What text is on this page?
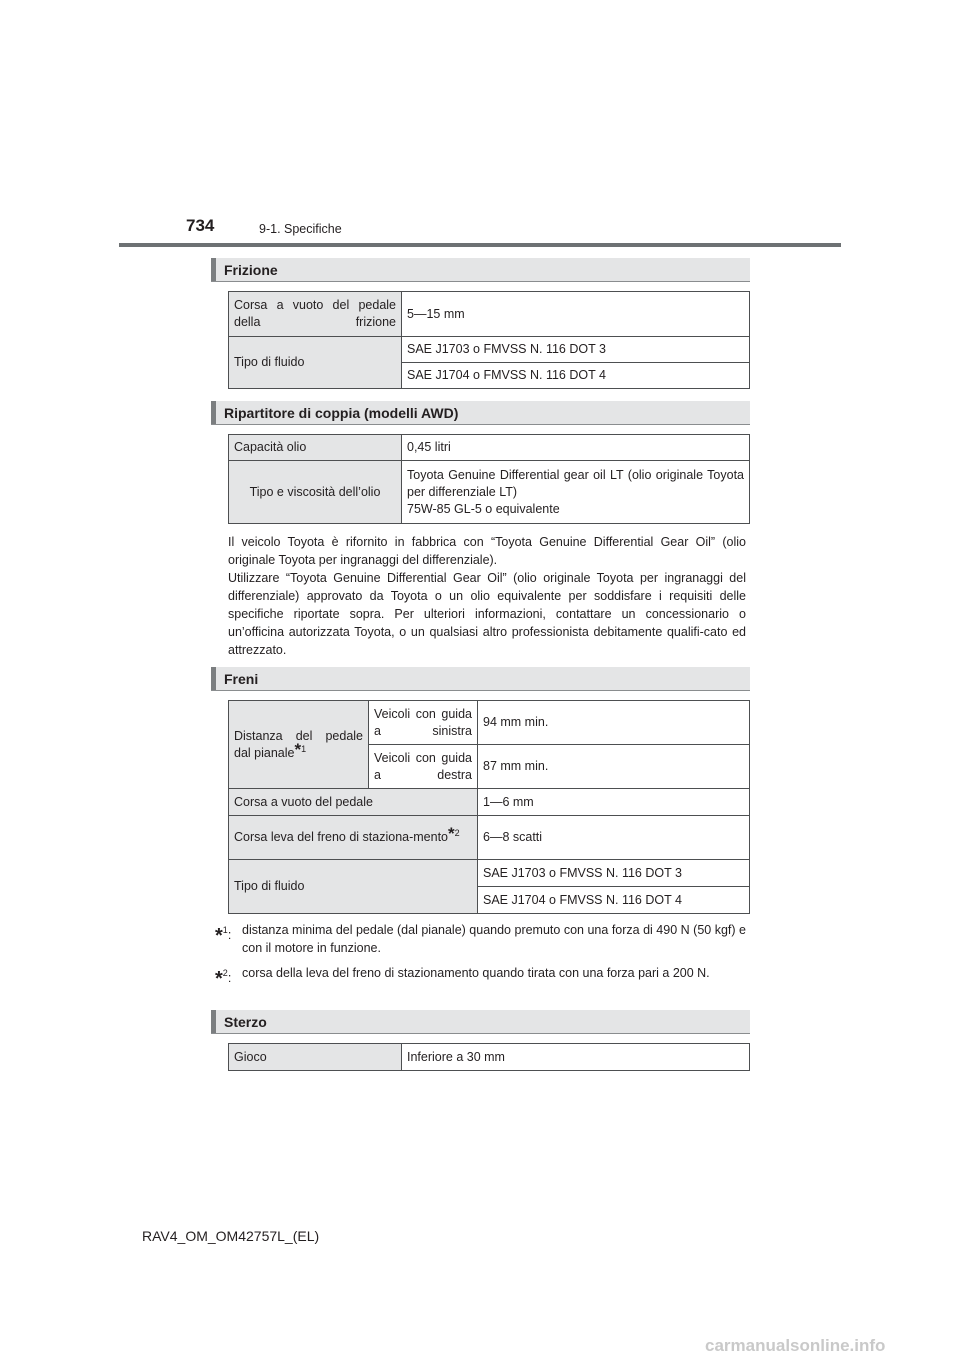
734	9-1. Specifiche
Frizione
Corsa a vuoto del pedale della frizione	5—15 mm
Tipo di fluido	SAE J1703 o FMVSS N. 116 DOT 3
	SAE J1704 o FMVSS N. 116 DOT 4
Ripartitore di coppia (modelli AWD)
Capacità olio	0,45 litri
Tipo e viscosità dell’olio	Toyota Genuine Differential gear oil LT (olio originale Toyota per differenziale LT)
75W-85 GL-5 o equivalente
Il veicolo Toyota è rifornito in fabbrica con “Toyota Genuine Differential Gear Oil” (olio originale Toyota per ingranaggi del differenziale).
Utilizzare “Toyota Genuine Differential Gear Oil” (olio originale Toyota per ingranaggi del differenziale) approvato da Toyota o un olio equivalente per soddisfare i requisiti delle specifiche riportate sopra. Per ulteriori informazioni, contattare un concessionario o un’officina autorizzata Toyota, o un qualsiasi altro professionista debitamente qualifi-cato ed attrezzato.
Freni
Distanza del pedale dal pianale$^{*1}$	Veicoli con guida a sinistra	94 mm min.
	Veicoli con guida a destra	87 mm min.
Corsa a vuoto del pedale		1—6 mm

Corsa leva del freno di staziona-mento$^{*2}$		6—8 scatti
Tipo di fluido		SAE J1703 o FMVSS N. 116 DOT 3
		SAE J1704 o FMVSS N. 116 DOT 4
*$^1$: distanza minima del pedale (dal pianale) quando premuto con una forza di 490 N (50 kgf) e con il motore in funzione.
*$^2$: corsa della leva del freno di stazionamento quando tirata con una forza pari a 200 N.
Sterzo
Gioco	Inferiore a 30 mm
RAV4_OM_OM42757L_(EL)
carmanualsonline.info
